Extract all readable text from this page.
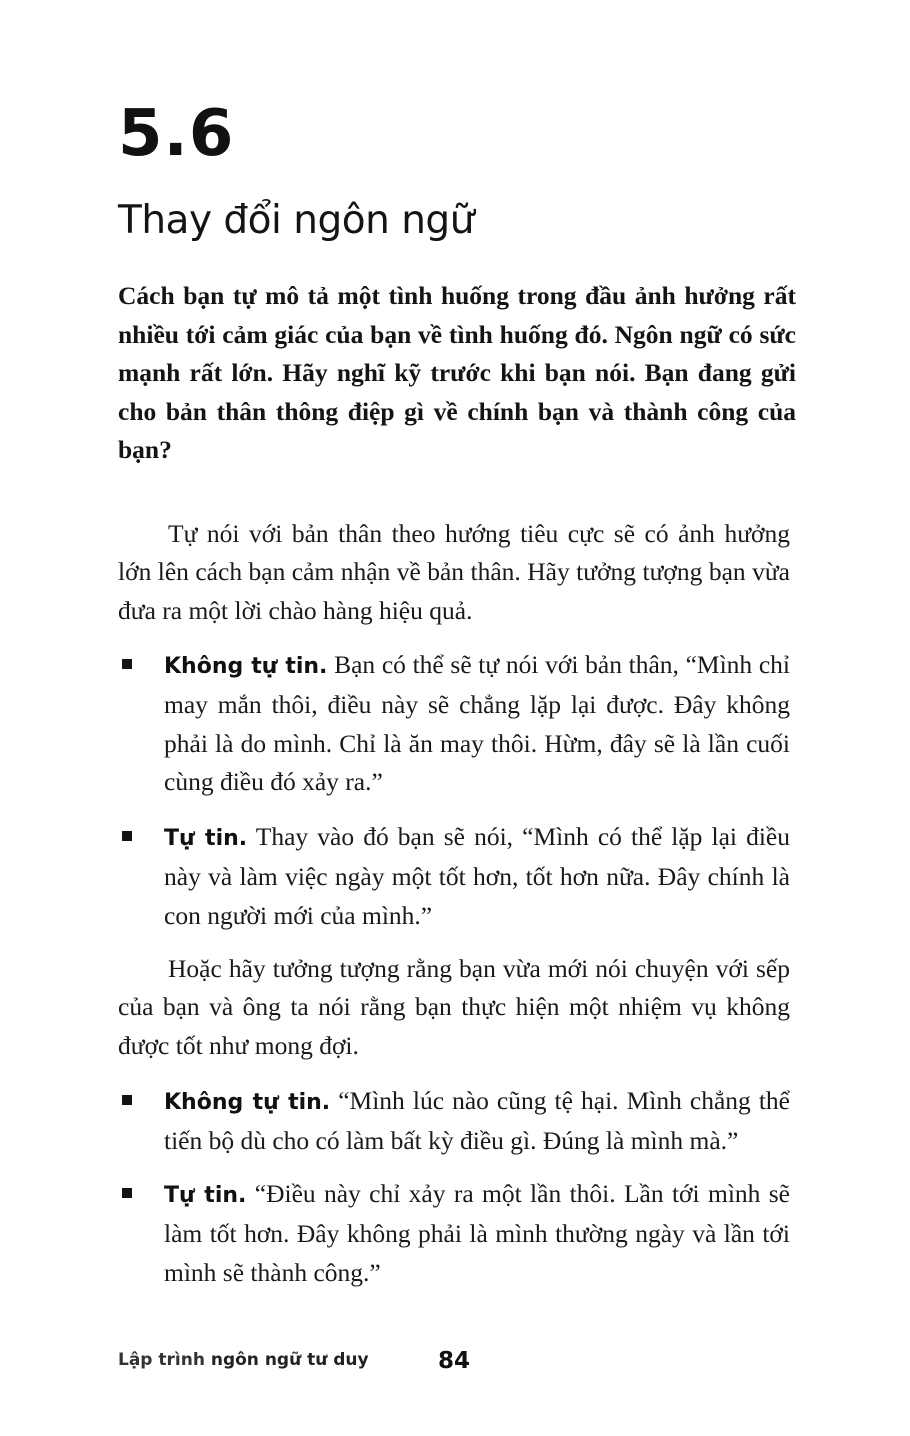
5.6
Thay đổi ngôn ngữ
Cách bạn tự mô tả một tình huống trong đầu ảnh hưởng rất nhiều tới cảm giác của bạn về tình huống đó. Ngôn ngữ có sức mạnh rất lớn. Hãy nghĩ kỹ trước khi bạn nói. Bạn đang gửi cho bản thân thông điệp gì về chính bạn và thành công của bạn?

Tự nói với bản thân theo hướng tiêu cực sẽ có ảnh hưởng lớn lên cách bạn cảm nhận về bản thân. Hãy tưởng tượng bạn vừa đưa ra một lời chào hàng hiệu quả.

Không tự tin. Bạn có thể sẽ tự nói với bản thân, “Mình chỉ may mắn thôi, điều này sẽ chẳng lặp lại được. Đây không phải là do mình. Chỉ là ăn may thôi. Hừm, đây sẽ là lần cuối cùng điều đó xảy ra.”
Tự tin. Thay vào đó bạn sẽ nói, “Mình có thể lặp lại điều này và làm việc ngày một tốt hơn, tốt hơn nữa. Đây chính là con người mới của mình.”

Hoặc hãy tưởng tượng rằng bạn vừa mới nói chuyện với sếp của bạn và ông ta nói rằng bạn thực hiện một nhiệm vụ không được tốt như mong đợi.

Không tự tin. “Mình lúc nào cũng tệ hại. Mình chẳng thể tiến bộ dù cho có làm bất kỳ điều gì. Đúng là mình mà.”
Tự tin. “Điều này chỉ xảy ra một lần thôi. Lần tới mình sẽ làm tốt hơn. Đây không phải là mình thường ngày và lần tới mình sẽ thành công.”
Lập trình ngôn ngữ tư duy	84
